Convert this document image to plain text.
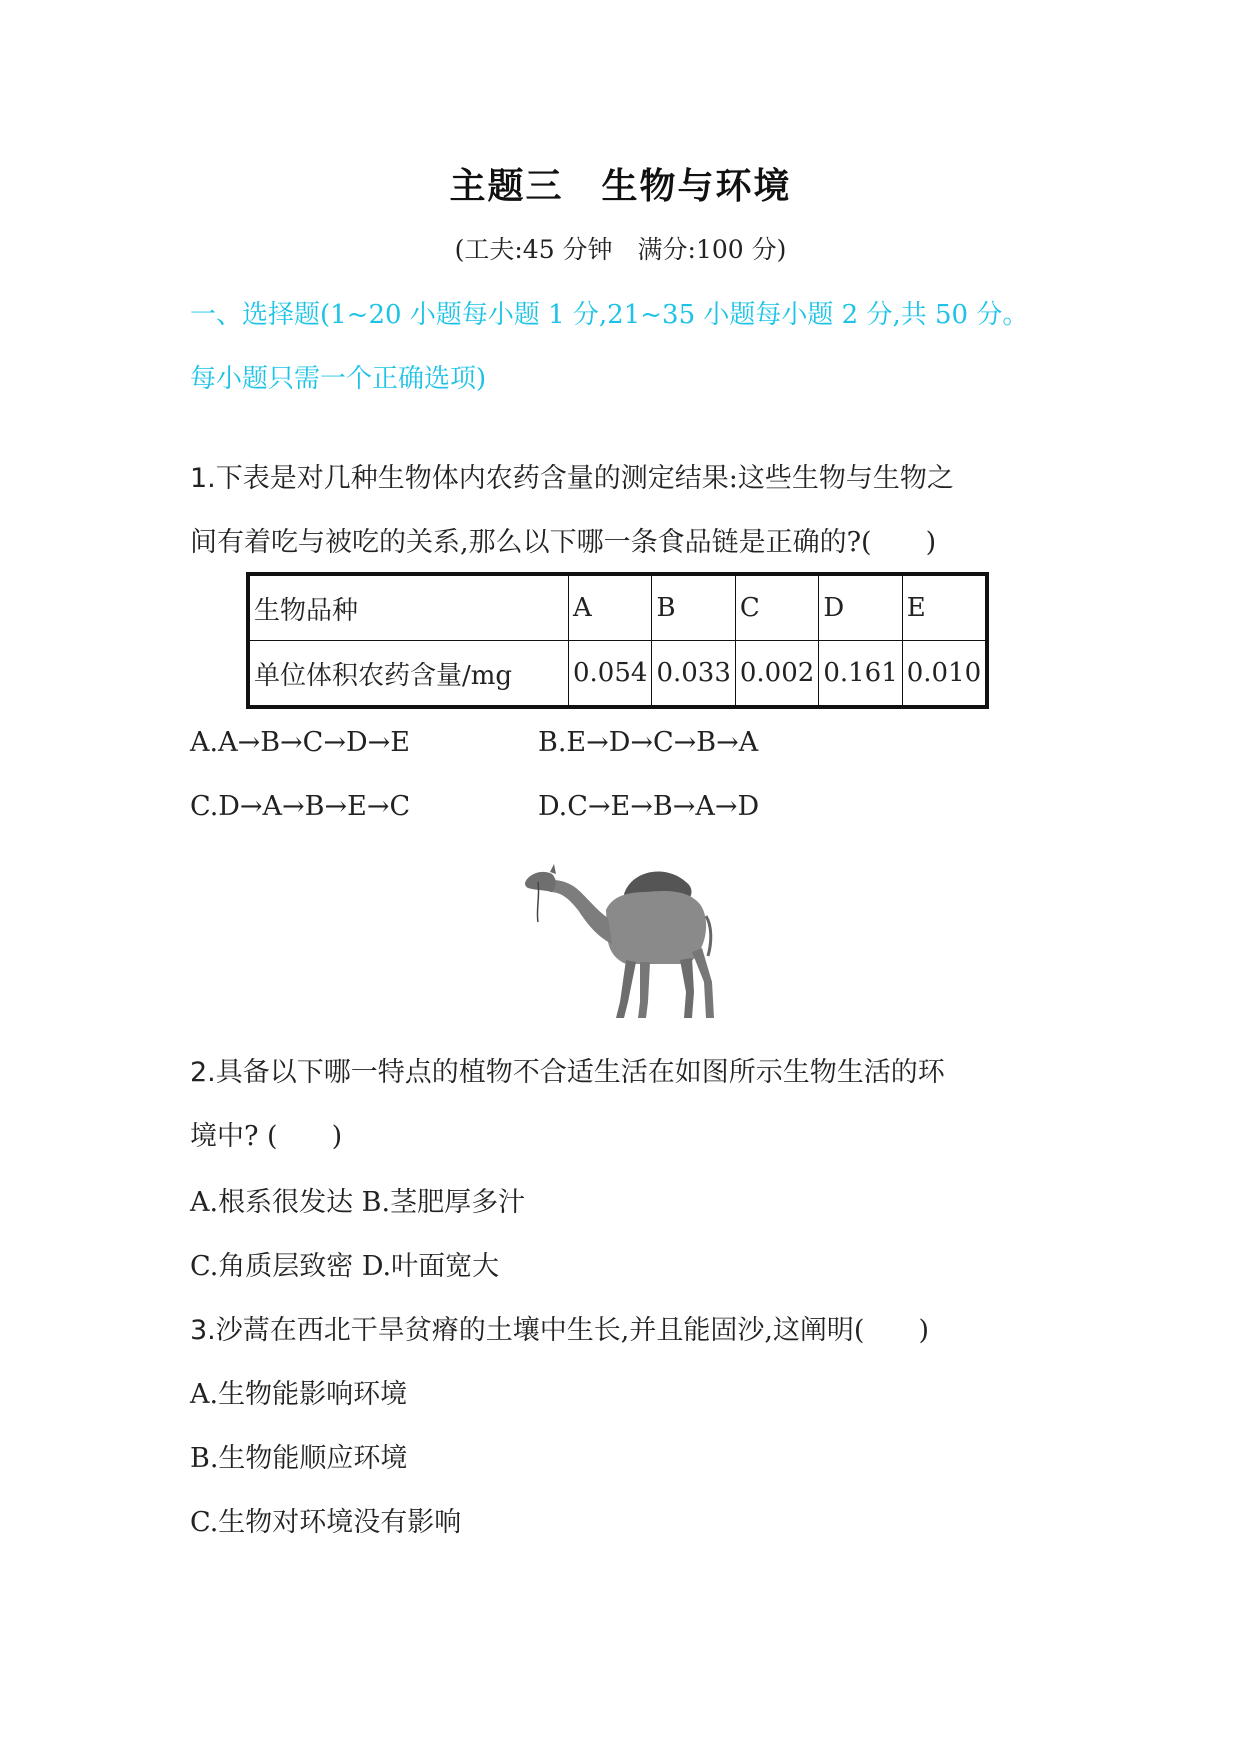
主题三　生物与环境
(工夫:45 分钟　满分:100 分)
一、选择题(1~20 小题每小题 1 分,21~35 小题每小题 2 分,共 50 分。
每小题只需一个正确选项)
1.下表是对几种生物体内农药含量的测定结果:这些生物与生物之
间有着吃与被吃的关系,那么以下哪一条食品链是正确的?(　　)
生物品种	A	B	C	D	E
单位体积农药含量/mg	0.054	0.033	0.002	0.161	0.010
A.A→B→C→D→E	B.E→D→C→B→A
C.D→A→B→E→C	D.C→E→B→A→D
2.具备以下哪一特点的植物不合适生活在如图所示生物生活的环
境中? (　　)
A.根系很发达 B.茎肥厚多汁
C.角质层致密 D.叶面宽大
3.沙蒿在西北干旱贫瘠的土壤中生长,并且能固沙,这阐明(　　)
A.生物能影响环境
B.生物能顺应环境
C.生物对环境没有影响
